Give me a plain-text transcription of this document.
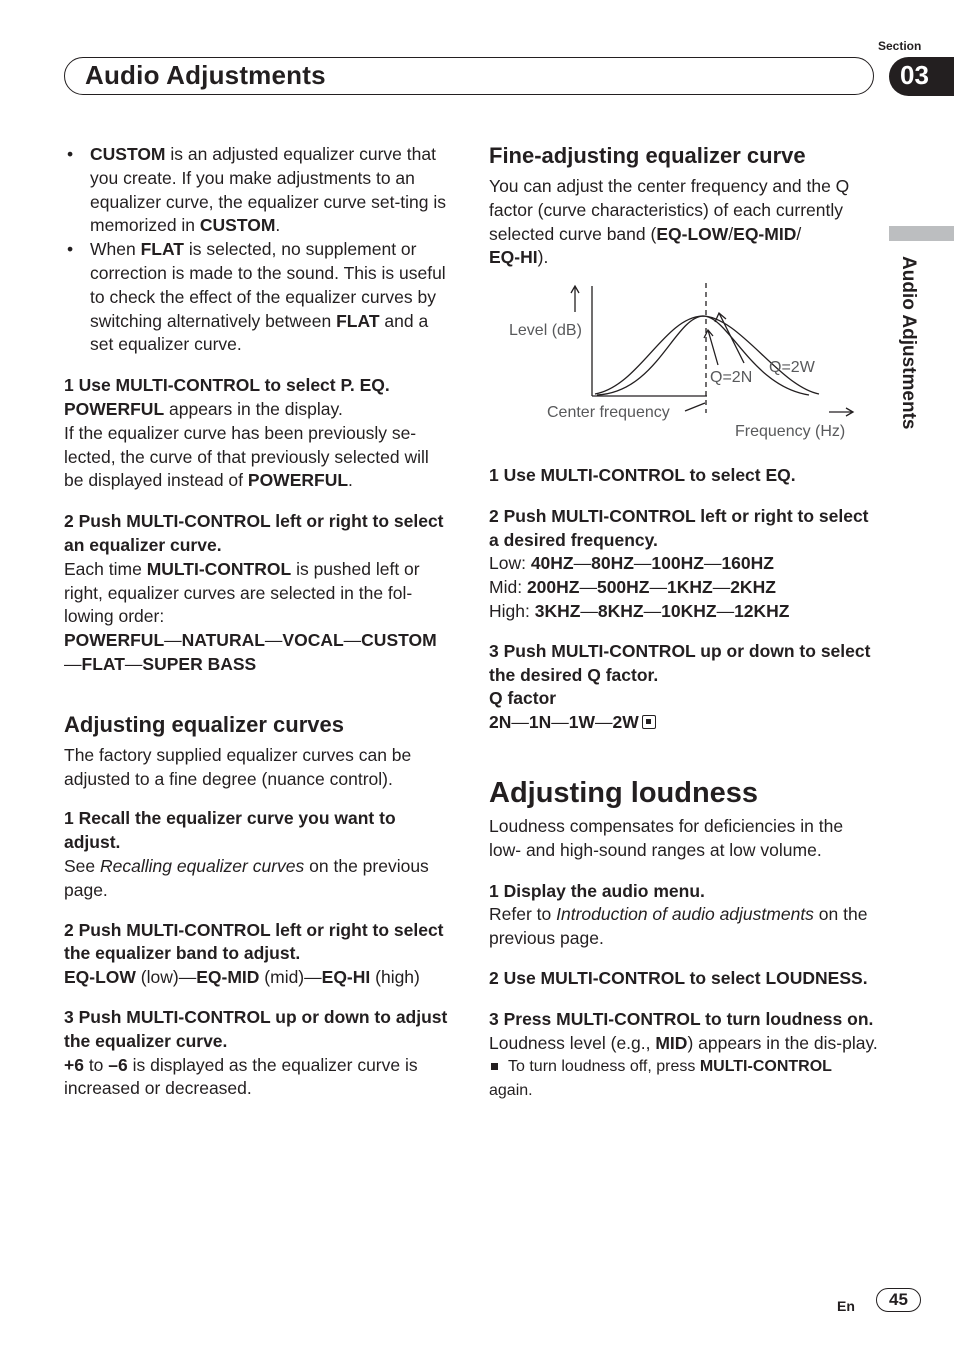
Audio Adjustments
Section
03
Audio Adjustments

• CUSTOM is an adjusted equalizer curve that you create. If you make adjustments to an equalizer curve, the equalizer curve set-ting is memorized in CUSTOM.

• When FLAT is selected, no supplement or correction is made to the sound. This is useful to check the effect of the equalizer curves by switching alternatively between FLAT and a set equalizer curve.

1 Use MULTI-CONTROL to select P. EQ.

POWERFUL appears in the display.

If the equalizer curve has been previously se-lected, the curve of that previously selected will be displayed instead of POWERFUL.

2 Push MULTI-CONTROL left or right to select an equalizer curve.

Each time MULTI-CONTROL is pushed left or right, equalizer curves are selected in the fol-lowing order:

POWERFUL—NATURAL—VOCAL—CUSTOM
—FLAT—SUPER BASS

Adjusting equalizer curves

The factory supplied equalizer curves can be adjusted to a fine degree (nuance control).

1 Recall the equalizer curve you want to adjust.

See Recalling equalizer curves on the previous page.

2 Push MULTI-CONTROL left or right to select the equalizer band to adjust.

EQ-LOW (low)—EQ-MID (mid)—EQ-HI (high)

3 Push MULTI-CONTROL up or down to adjust the equalizer curve.

+6 to –6 is displayed as the equalizer curve is increased or decreased.

Fine-adjusting equalizer curve

You can adjust the center frequency and the Q factor (curve characteristics) of each currently selected curve band (EQ-LOW/EQ-MID/
EQ-HI).

Level (dB)
Q=2N
Q=2W
Center frequency
Frequency (Hz)

1 Use MULTI-CONTROL to select EQ.

2 Push MULTI-CONTROL left or right to select a desired frequency.

Low: 40HZ—80HZ—100HZ—160HZ

Mid: 200HZ—500HZ—1KHZ—2KHZ

High: 3KHZ—8KHZ—10KHZ—12KHZ

3 Push MULTI-CONTROL up or down to select the desired Q factor.

Q factor

2N—1N—1W—2W

Adjusting loudness

Loudness compensates for deficiencies in the low- and high-sound ranges at low volume.

1 Display the audio menu.

Refer to Introduction of audio adjustments on the previous page.

2 Use MULTI-CONTROL to select LOUDNESS.

3 Press MULTI-CONTROL to turn loudness on.

Loudness level (e.g., MID) appears in the dis-play.

To turn loudness off, press MULTI-CONTROL again.

En	45
